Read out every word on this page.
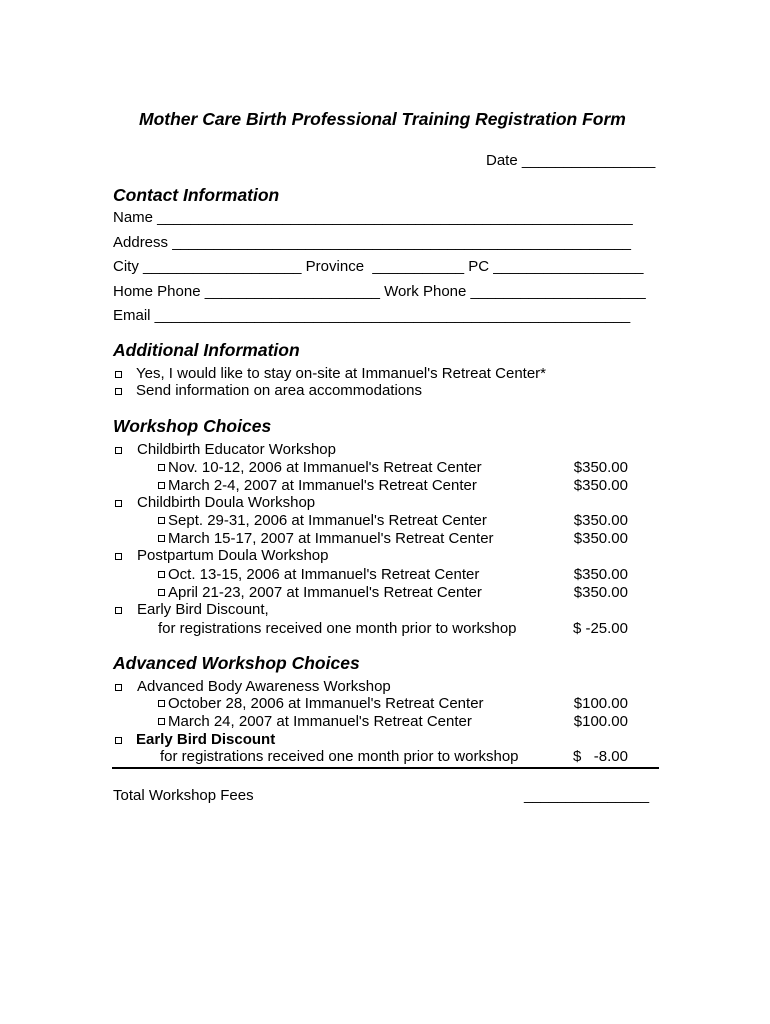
Mother Care Birth Professional Training Registration Form
Date ________________
Contact Information
Name _________________________________________________________
Address _______________________________________________________
City ___________________ Province  ___________ PC __________________
Home Phone _____________________ Work Phone _____________________
Email _________________________________________________________
Additional Information
Yes, I would like to stay on-site at Immanuel's Retreat Center*
Send information on area accommodations
Workshop Choices
Childbirth Educator Workshop
Nov. 10-12, 2006 at Immanuel's Retreat Center	$350.00
March 2-4, 2007 at Immanuel's Retreat Center	$350.00
Childbirth Doula Workshop
Sept. 29-31, 2006 at Immanuel's Retreat Center	$350.00
March 15-17, 2007 at Immanuel's Retreat Center	$350.00
Postpartum Doula Workshop
Oct. 13-15, 2006 at Immanuel's Retreat Center	$350.00
April 21-23, 2007 at Immanuel's Retreat Center	$350.00
Early Bird Discount,
for registrations received one month prior to workshop	$ -25.00
Advanced Workshop Choices
Advanced Body Awareness Workshop
October 28, 2006 at Immanuel's Retreat Center	$100.00
March 24, 2007 at Immanuel's Retreat Center	$100.00
Early Bird Discount
for registrations received one month prior to workshop	$   -8.00
Total Workshop Fees	_______________
